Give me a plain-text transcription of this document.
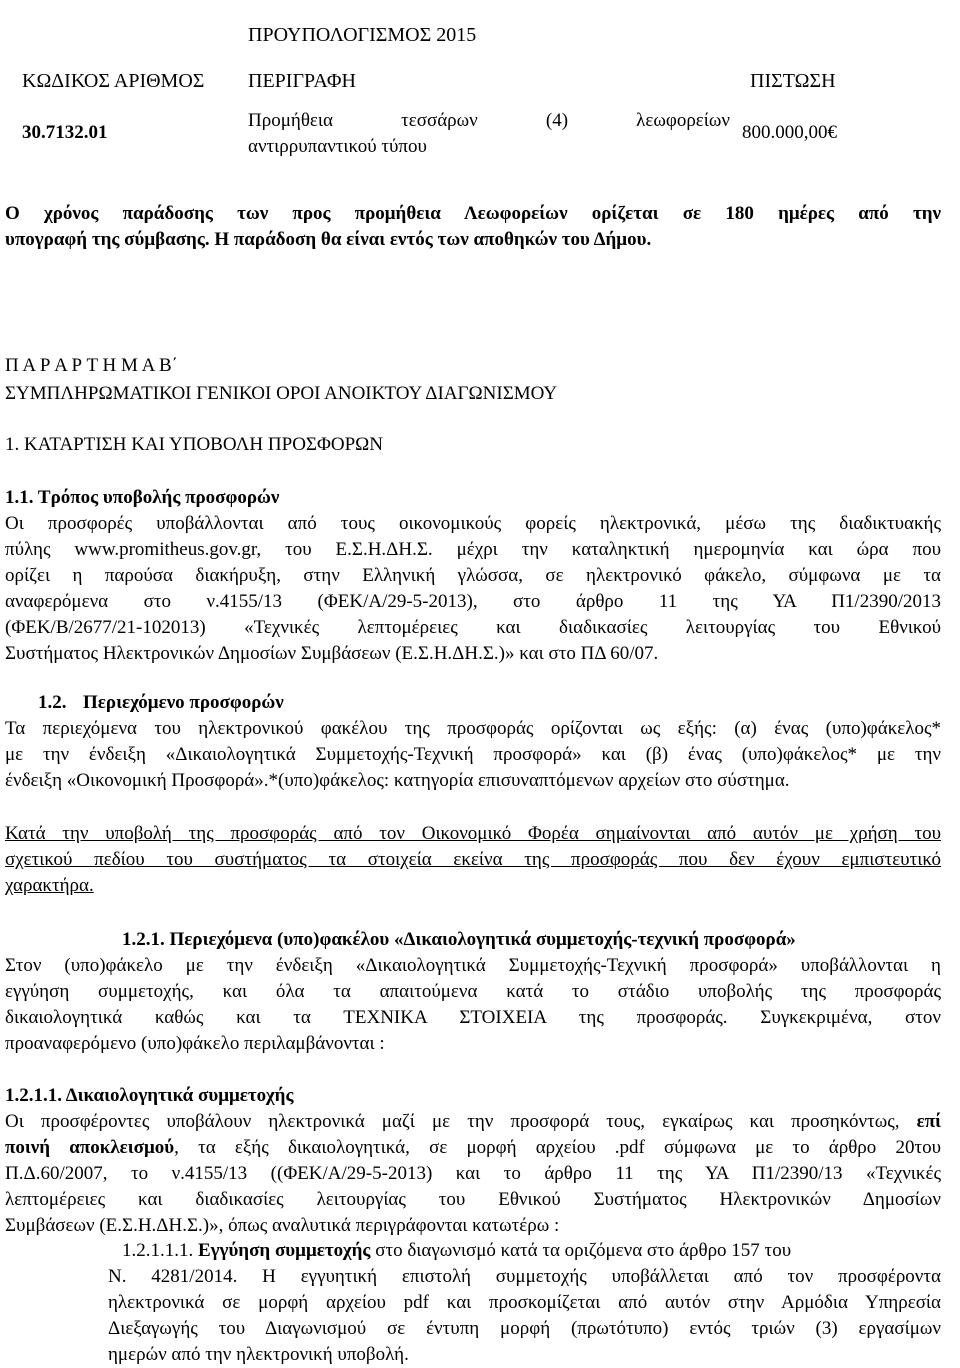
ΠΡΟΥΠΟΛΟΓΙΣΜΟΣ 2015
ΚΩΔΙΚΟΣ ΑΡΙΘΜΟΣ ΠΕΡΙΓΡΑΦΗ	ΠΙΣΤΩΣΗ
30.7132.01
Προμήθεια τεσσάρων (4) λεωφορείων
αντιρρυπαντικού τύπου
800.000,00€
Ο χρόνος παράδοσης των προς προμήθεια Λεωφορείων ορίζεται σε 180 ημέρες από την
υπογραφή της σύμβασης. Η παράδοση θα είναι εντός των αποθηκών του Δήμου.
Π Α Ρ Α Ρ Τ Η Μ Α Β΄
ΣΥΜΠΛΗΡΩΜΑΤΙΚΟΙ ΓΕΝΙΚΟΙ ΟΡΟΙ ΑΝΟΙΚΤΟΥ ΔΙΑΓΩΝΙΣΜΟΥ
1. ΚΑΤΑΡΤΙΣΗ ΚΑΙ ΥΠΟΒΟΛΗ ΠΡΟΣΦΟΡΩΝ
1.1. Τρόπος υποβολής προσφορών
Οι προσφορές υποβάλλονται από τους οικονομικούς φορείς ηλεκτρονικά, μέσω της διαδικτυακής
πύλης www.promitheus.gov.gr, του Ε.Σ.Η.ΔΗ.Σ. μέχρι την καταληκτική ημερομηνία και ώρα που
ορίζει η παρούσα διακήρυξη, στην Ελληνική γλώσσα, σε ηλεκτρονικό φάκελο, σύμφωνα με τα
αναφερόμενα στο ν.4155/13 (ΦΕΚ/Α/29-5-2013), στο άρθρο 11 της ΥΑ Π1/2390/2013
(ΦΕΚ/Β/2677/21-102013) «Τεχνικές λεπτομέρειες και διαδικασίες λειτουργίας του Εθνικού
Συστήματος Ηλεκτρονικών Δημοσίων Συμβάσεων (Ε.Σ.Η.ΔΗ.Σ.)» και στο ΠΔ 60/07.
1.2. Περιεχόμενο προσφορών
Τα περιεχόμενα του ηλεκτρονικού φακέλου της προσφοράς ορίζονται ως εξής: (α) ένας (υπο)φάκελος*
με την ένδειξη «Δικαιολογητικά Συμμετοχής-Τεχνική προσφορά» και (β) ένας (υπο)φάκελος* με την
ένδειξη «Οικονομική Προσφορά».*(υπο)φάκελος: κατηγορία επισυναπτόμενων αρχείων στο σύστημα.
Κατά την υποβολή της προσφοράς από τον Οικονομικό Φορέα σημαίνονται από αυτόν με χρήση του
σχετικού πεδίου του συστήματος τα στοιχεία εκείνα της προσφοράς που δεν έχουν εμπιστευτικό
χαρακτήρα.
1.2.1. Περιεχόμενα (υπο)φακέλου «Δικαιολογητικά συμμετοχής-τεχνική προσφορά»
Στον (υπο)φάκελο με την ένδειξη «Δικαιολογητικά Συμμετοχής-Τεχνική προσφορά» υποβάλλονται η
εγγύηση συμμετοχής, και όλα τα απαιτούμενα κατά το στάδιο υποβολής της προσφοράς
δικαιολογητικά καθώς και τα ΤΕΧΝΙΚΑ ΣΤΟΙΧΕΙΑ της προσφοράς. Συγκεκριμένα, στον
προαναφερόμενο (υπο)φάκελο περιλαμβάνονται :
1.2.1.1. Δικαιολογητικά συμμετοχής
Οι προσφέροντες υποβάλουν ηλεκτρονικά μαζί με την προσφορά τους, εγκαίρως και προσηκόντως, επί
ποινή αποκλεισμού, τα εξής δικαιολογητικά, σε μορφή αρχείου .pdf σύμφωνα με το άρθρο 20του
Π.Δ.60/2007, το ν.4155/13 ((ΦΕΚ/Α/29-5-2013) και το άρθρο 11 της ΥΑ Π1/2390/13 «Τεχνικές
λεπτομέρειες και διαδικασίες λειτουργίας του Εθνικού Συστήματος Ηλεκτρονικών Δημοσίων
Συμβάσεων (Ε.Σ.Η.ΔΗ.Σ.)», όπως αναλυτικά περιγράφονται κατωτέρω :
1.2.1.1.1. Εγγύηση συμμετοχής στο διαγωνισμό κατά τα οριζόμενα στο άρθρο 157 του
Ν. 4281/2014. Η εγγυητική επιστολή συμμετοχής υποβάλλεται από τον προσφέροντα
ηλεκτρονικά σε μορφή αρχείου pdf και προσκομίζεται από αυτόν στην Αρμόδια Υπηρεσία
Διεξαγωγής του Διαγωνισμού σε έντυπη μορφή (πρωτότυπο) εντός τριών (3) εργασίμων
ημερών από την ηλεκτρονική υποβολή.
